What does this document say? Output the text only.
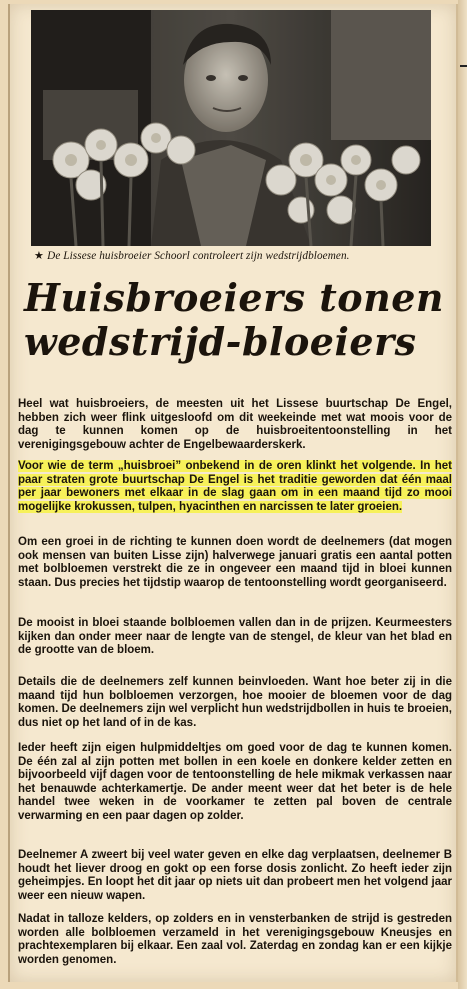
★ De Lissese huisbroeier Schoorl controleert zijn wedstrijdbloemen.
Huisbroeiers tonen
wedstrijd-bloeiers

Heel wat huisbroeiers, de meesten uit het Lissese buurtschap De Engel, hebben zich weer flink uitgesloofd om dit weekeinde met wat moois voor de dag te kunnen komen op de huisbroeitentoonstelling in het verenigingsgebouw achter de Engelbewaarderskerk.

Voor wie de term „huisbroei” onbekend in de oren klinkt het volgende. In het paar straten grote buurtschap De Engel is het traditie geworden dat één maal per jaar bewoners met elkaar in de slag gaan om in een maand tijd zo mooi mogelijke krokussen, tulpen, hyacinthen en narcissen te later groeien.

Om een groei in de richting te kunnen doen wordt de deelnemers (dat mogen ook mensen van buiten Lisse zijn) halverwege januari gratis een aantal potten met bolbloemen verstrekt die ze in ongeveer een maand tijd in bloei kunnen staan. Dus precies het tijdstip waarop de tentoonstelling wordt georganiseerd.

De mooist in bloei staande bolbloemen vallen dan in de prijzen. Keurmeesters kijken dan onder meer naar de lengte van de stengel, de kleur van het blad en de grootte van de bloem.

Details die de deelnemers zelf kunnen beinvloeden. Want hoe beter zij in die maand tijd hun bolbloemen verzorgen, hoe mooier de bloemen voor de dag komen. De deelnemers zijn wel verplicht hun wedstrijdbollen in huis te broeien, dus niet op het land of in de kas.

Ieder heeft zijn eigen hulpmiddeltjes om goed voor de dag te kunnen komen. De één zal al zijn potten met bollen in een koele en donkere kelder zetten en bijvoorbeeld vijf dagen voor de tentoonstelling de hele mikmak verkassen naar het benauwde achterkamertje. De ander meent weer dat het beter is de hele handel twee weken in de voorkamer te zetten pal boven de centrale verwarming en een paar dagen op zolder.

Deelnemer A zweert bij veel water geven en elke dag verplaatsen, deelnemer B houdt het liever droog en gokt op een forse dosis zonlicht. Zo heeft ieder zijn geheimpjes. En loopt het dit jaar op niets uit dan probeert men het volgend jaar weer een nieuw wapen.

Nadat in talloze kelders, op zolders en in vensterbanken de strijd is gestreden worden alle bolbloemen verzameld in het verenigingsgebouw Kneusjes en prachtexemplaren bij elkaar. Een zaal vol. Zaterdag en zondag kan er een kijkje worden genomen.
